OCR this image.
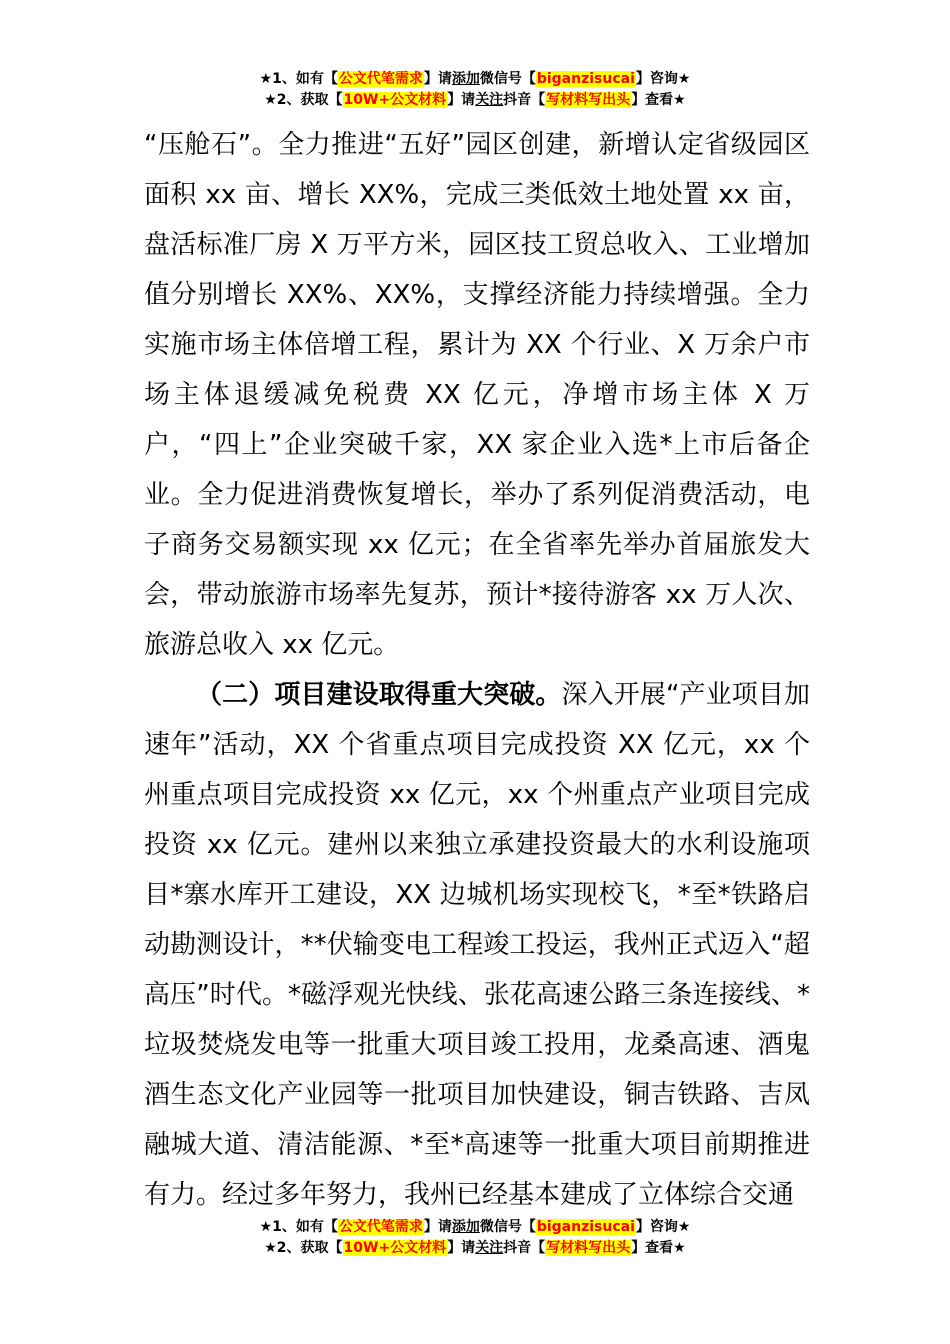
★1、如有【公文代笔需求】请添加微信号【biganzisucai】咨询★
★2、获取【10W+公文材料】请关注抖音【写材料写出头】查看★

“压舱石”。全力推进“五好”园区创建，新增认定省级园区面积 xx 亩、增长 XX%，完成三类低效土地处置 xx 亩，盘活标准厂房 X 万平方米，园区技工贸总收入、工业增加值分别增长 XX%、XX%，支撑经济能力持续增强。全力实施市场主体倍增工程，累计为 XX 个行业、X 万余户市场主体退缓减免税费 XX 亿元，净增市场主体 X 万户，“四上”企业突破千家，XX 家企业入选*上市后备企业。全力促进消费恢复增长，举办了系列促消费活动，电子商务交易额实现 xx 亿元；在全省率先举办首届旅发大会，带动旅游市场率先复苏，预计*接待游客 xx 万人次、旅游总收入 xx 亿元。

（二）项目建设取得重大突破。深入开展“产业项目加速年”活动，XX 个省重点项目完成投资 XX 亿元，xx 个州重点项目完成投资 xx 亿元，xx 个州重点产业项目完成投资 xx 亿元。建州以来独立承建投资最大的水利设施项目*寨水库开工建设，XX 边城机场实现校飞，*至*铁路启动勘测设计，**伏输变电工程竣工投运，我州正式迈入“超高压”时代。*磁浮观光快线、张花高速公路三条连接线、*垃圾焚烧发电等一批重大项目竣工投用，龙桑高速、酒鬼酒生态文化产业园等一批项目加快建设，铜吉铁路、吉凤融城大道、清洁能源、*至*高速等一批重大项目前期推进有力。经过多年努力，我州已经基本建成了立体综合交通

★1、如有【公文代笔需求】请添加微信号【biganzisucai】咨询★
★2、获取【10W+公文材料】请关注抖音【写材料写出头】查看★
